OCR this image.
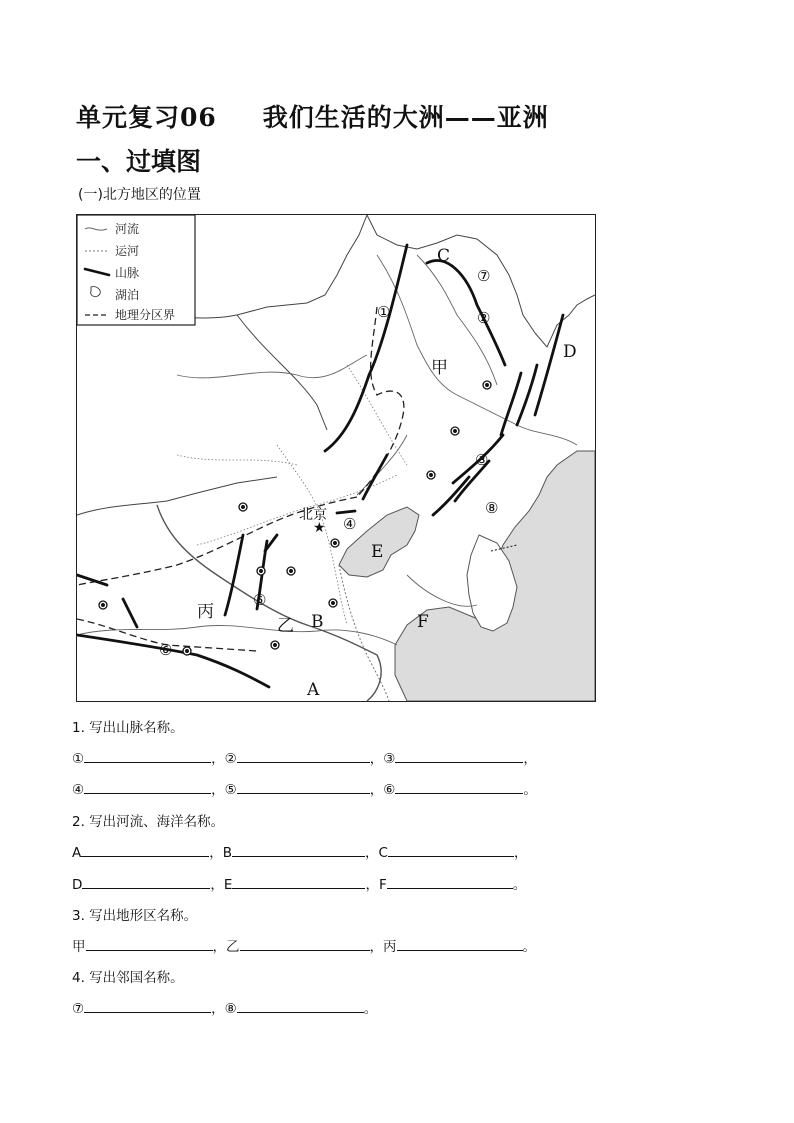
单元复习06 我们生活的大洲——亚洲
一、过填图
(一)北方地区的位置
★
北京
河流
运河
山脉
湖泊
地理分区界
C
D
E
F
B
A
甲
乙
丙
①	②
③
④
⑤
⑥
⑦
⑧
1. 写出山脉名称。
①	，②	，③	，
④	，⑤	，⑥	。
2. 写出河流、海洋名称。
A	，B	，C	，
D	，E	，F	。
3. 写出地形区名称。
甲	，乙	，丙	。
4. 写出邻国名称。
⑦	，⑧	。
